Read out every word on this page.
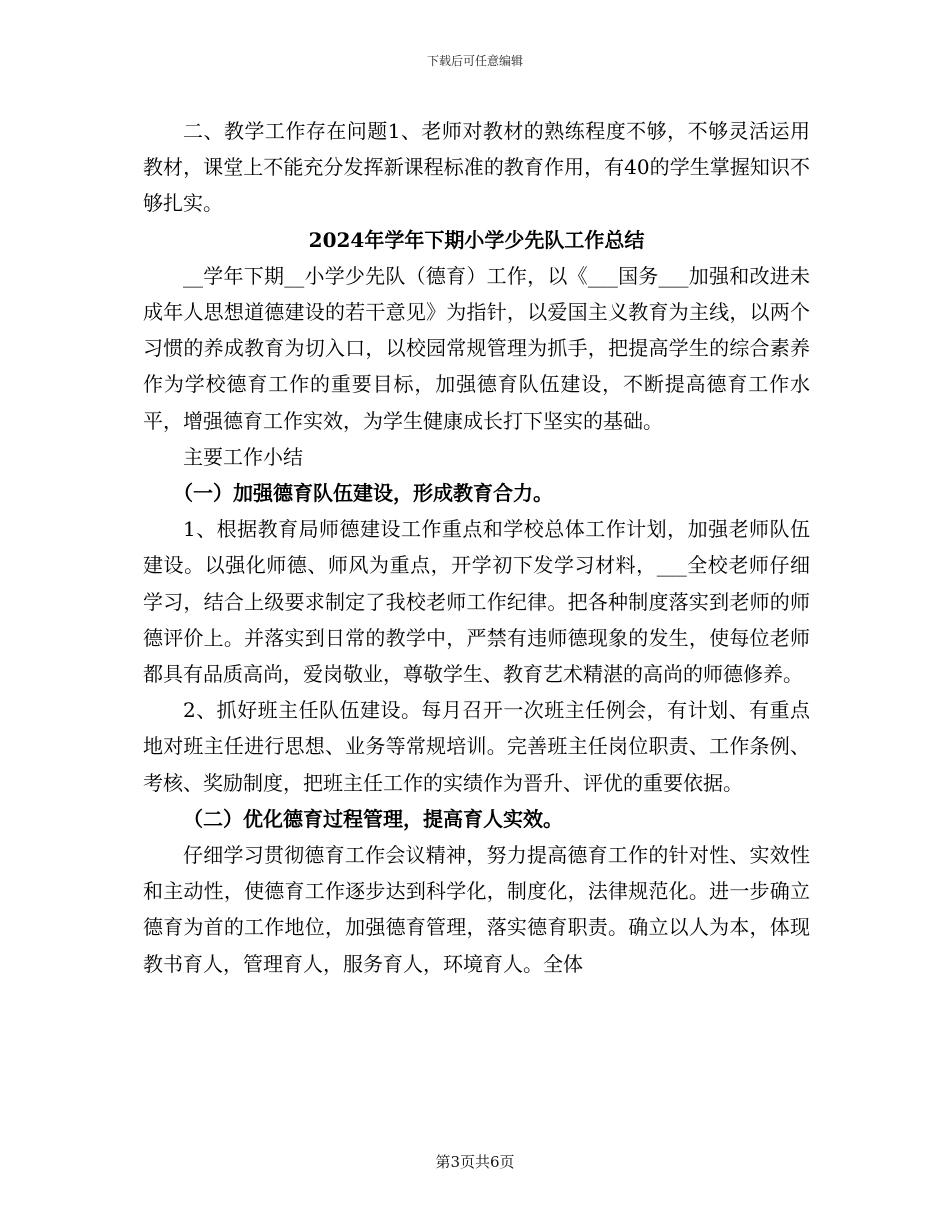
下载后可任意编辑

二、教学工作存在问题1、老师对教材的熟练程度不够，不够灵活运用教材，课堂上不能充分发挥新课程标准的教育作用，有40的学生掌握知识不够扎实。

2024年学年下期小学少先队工作总结

__学年下期__小学少先队（德育）工作，以《___国务___加强和改进未成年人思想道德建设的若干意见》为指针，以爱国主义教育为主线，以两个习惯的养成教育为切入口，以校园常规管理为抓手，把提高学生的综合素养作为学校德育工作的重要目标，加强德育队伍建设，不断提高德育工作水平，增强德育工作实效，为学生健康成长打下坚实的基础。

主要工作小结

（一）加强德育队伍建设，形成教育合力。

1、根据教育局师德建设工作重点和学校总体工作计划，加强老师队伍建设。以强化师德、师风为重点，开学初下发学习材料，___全校老师仔细学习，结合上级要求制定了我校老师工作纪律。把各种制度落实到老师的师德评价上。并落实到日常的教学中，严禁有违师德现象的发生，使每位老师都具有品质高尚，爱岗敬业，尊敬学生、教育艺术精湛的高尚的师德修养。

2、抓好班主任队伍建设。每月召开一次班主任例会，有计划、有重点地对班主任进行思想、业务等常规培训。完善班主任岗位职责、工作条例、考核、奖励制度，把班主任工作的实绩作为晋升、评优的重要依据。

（二）优化德育过程管理，提高育人实效。

仔细学习贯彻德育工作会议精神，努力提高德育工作的针对性、实效性和主动性，使德育工作逐步达到科学化，制度化，法律规范化。进一步确立德育为首的工作地位，加强德育管理，落实德育职责。确立以人为本，体现教书育人，管理育人，服务育人，环境育人。全体

第3页共6页
